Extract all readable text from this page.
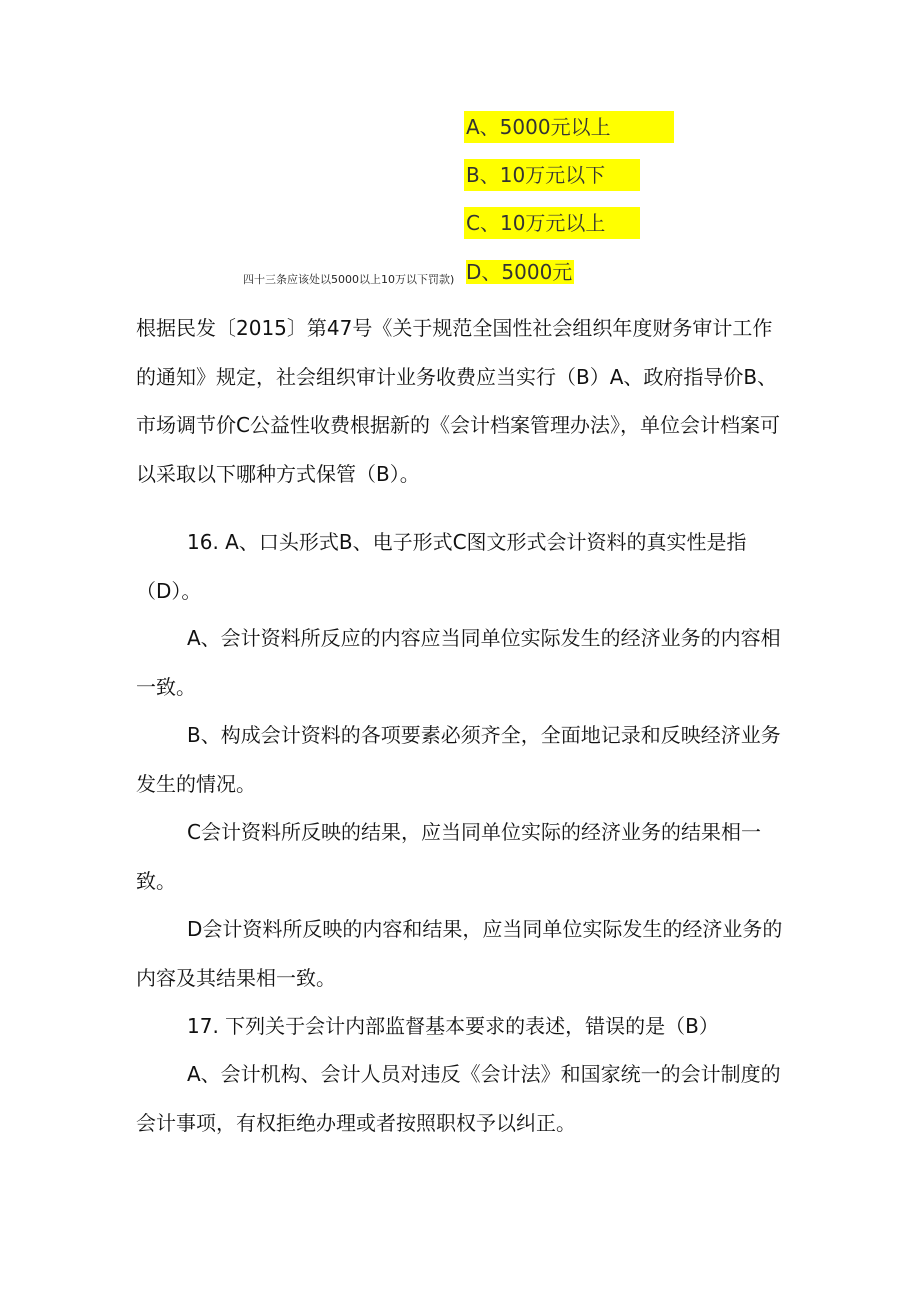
A、5000元以上
B、10万元以下
C、10万元以上
D、5000元
四十三条应该处以5000以上10万以下罚款)

根据民发〔2015〕第47号《关于规范全国性社会组织年度财务审计工作的通知》规定，社会组织审计业务收费应当实行（B）A、政府指导价B、市场调节价C公益性收费根据新的《会计档案管理办法》，单位会计档案可以采取以下哪种方式保管（B）。

16. A、口头形式B、电子形式C图文形式会计资料的真实性是指（D）。

A、会计资料所反应的内容应当同单位实际发生的经济业务的内容相一致。

B、构成会计资料的各项要素必须齐全，全面地记录和反映经济业务发生的情况。

C会计资料所反映的结果，应当同单位实际的经济业务的结果相一致。

D会计资料所反映的内容和结果，应当同单位实际发生的经济业务的内容及其结果相一致。

17. 下列关于会计内部监督基本要求的表述，错误的是（B）

A、会计机构、会计人员对违反《会计法》和国家统一的会计制度的会计事项，有权拒绝办理或者按照职权予以纠正。
